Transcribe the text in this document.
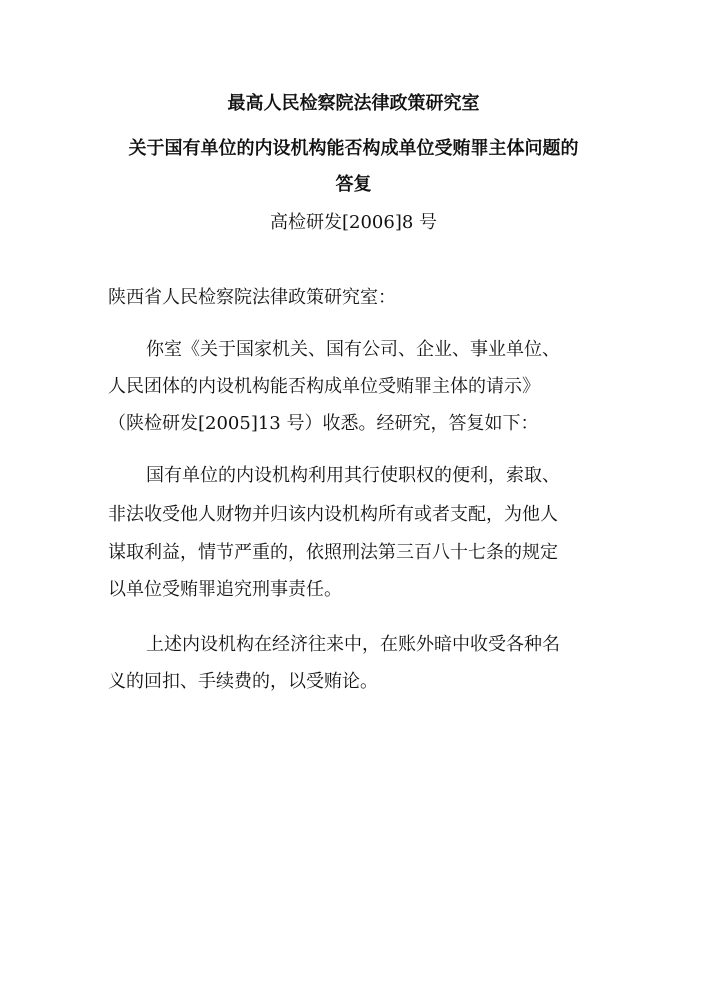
最高人民检察院法律政策研究室
关于国有单位的内设机构能否构成单位受贿罪主体问题的
答复
高检研发[2006]8 号
陕西省人民检察院法律政策研究室：
你室《关于国家机关、国有公司、企业、事业单位、
人民团体的内设机构能否构成单位受贿罪主体的请示》
（陕检研发[2005]13 号）收悉。经研究，答复如下：
国有单位的内设机构利用其行使职权的便利，索取、
非法收受他人财物并归该内设机构所有或者支配，为他人
谋取利益，情节严重的，依照刑法第三百八十七条的规定
以单位受贿罪追究刑事责任。
上述内设机构在经济往来中，在账外暗中收受各种名
义的回扣、手续费的，以受贿论。
